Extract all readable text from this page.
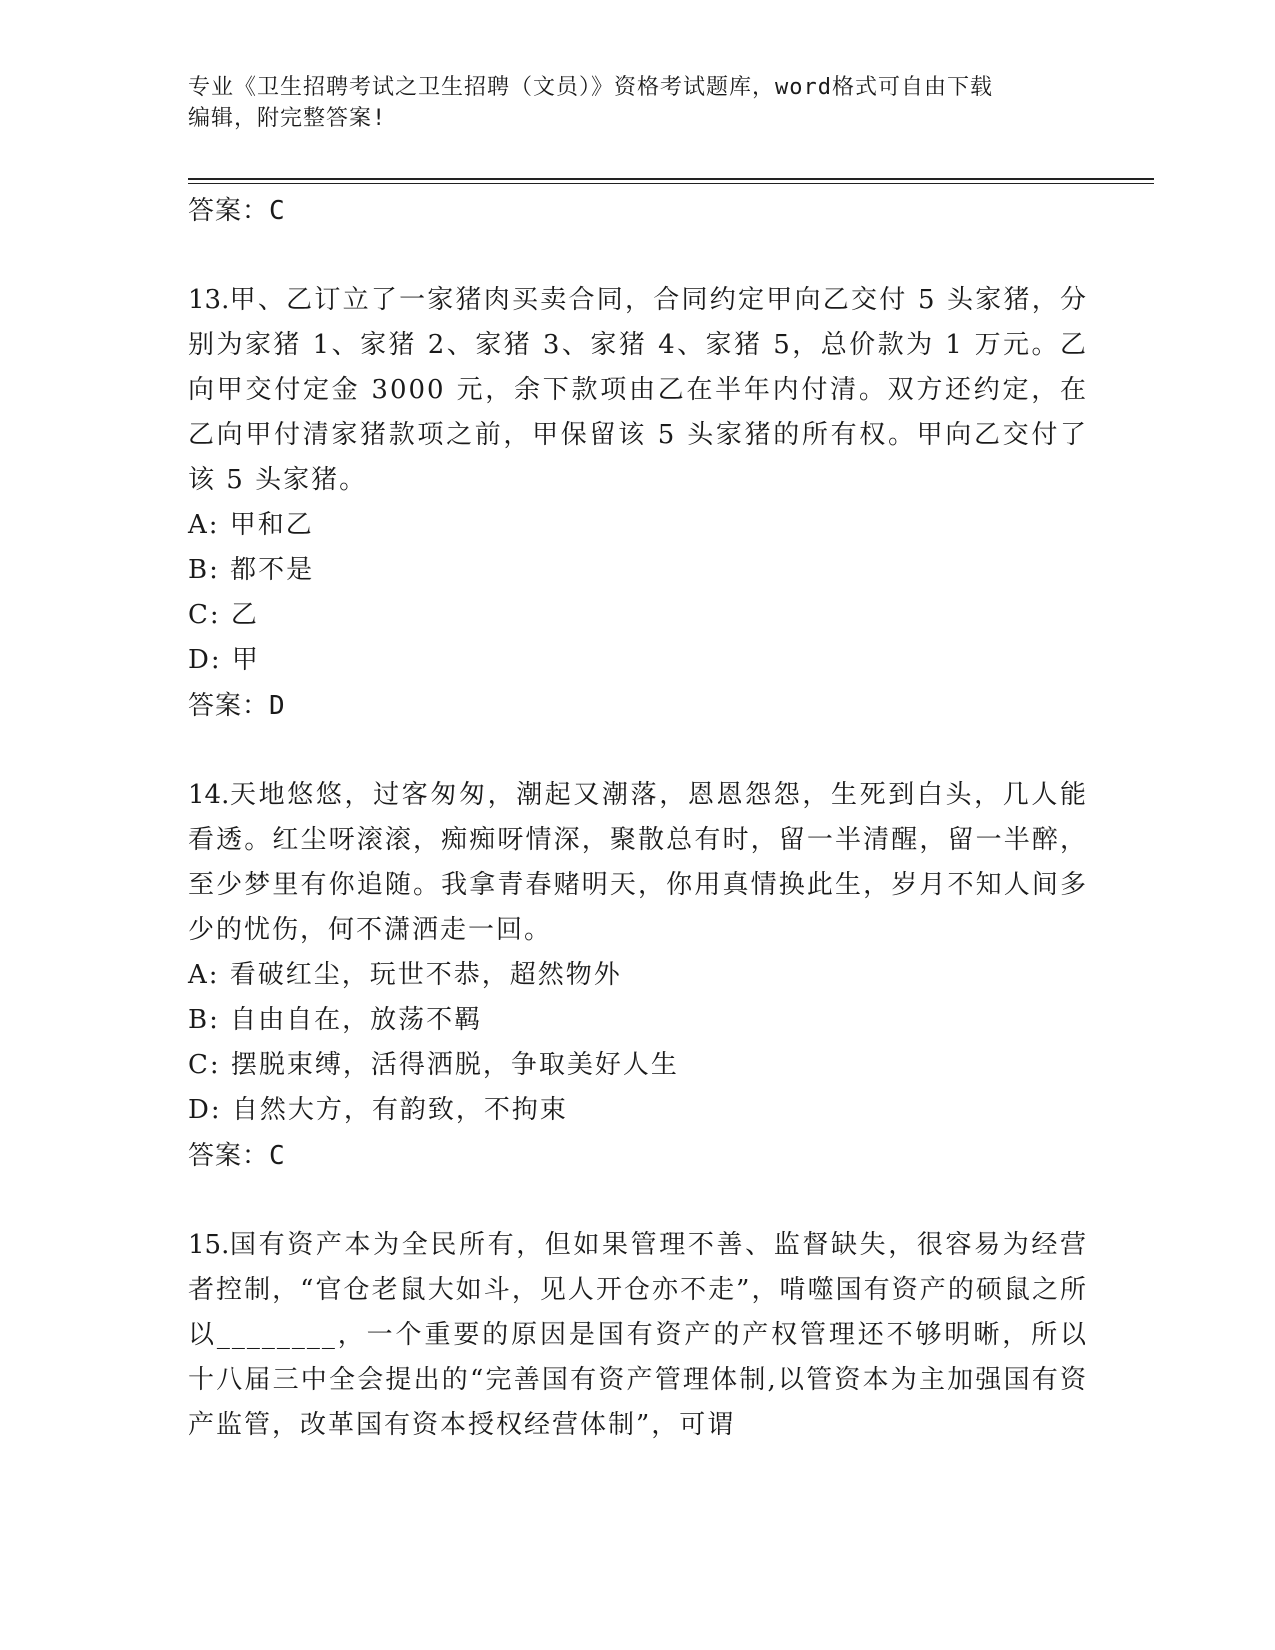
专业《卫生招聘考试之卫生招聘（文员）》资格考试题库，word格式可自由下载
编辑，附完整答案!

答案：C

13.甲、乙订立了一家猪肉买卖合同，合同约定甲向乙交付 5 头家猪，分别为家猪 1、家猪 2、家猪 3、家猪 4、家猪 5，总价款为 1 万元。乙向甲交付定金 3000 元，余下款项由乙在半年内付清。双方还约定，在乙向甲付清家猪款项之前，甲保留该 5 头家猪的所有权。甲向乙交付了该 5 头家猪。

A: 甲和乙

B: 都不是

C: 乙

D: 甲

答案：D

14.天地悠悠，过客匆匆，潮起又潮落，恩恩怨怨，生死到白头，几人能看透。红尘呀滚滚，痴痴呀情深，聚散总有时，留一半清醒，留一半醉，至少梦里有你追随。我拿青春赌明天，你用真情换此生，岁月不知人间多少的忧伤，何不潇洒走一回。

A: 看破红尘，玩世不恭，超然物外

B: 自由自在，放荡不羁

C: 摆脱束缚，活得洒脱，争取美好人生

D: 自然大方，有韵致，不拘束

答案：C

15.国有资产本为全民所有，但如果管理不善、监督缺失，很容易为经营者控制，“官仓老鼠大如斗，见人开仓亦不走”，啃噬国有资产的硕鼠之所以________，一个重要的原因是国有资产的产权管理还不够明晰，所以十八届三中全会提出的“完善国有资产管理体制,以管资本为主加强国有资产监管，改革国有资本授权经营体制”，可谓
